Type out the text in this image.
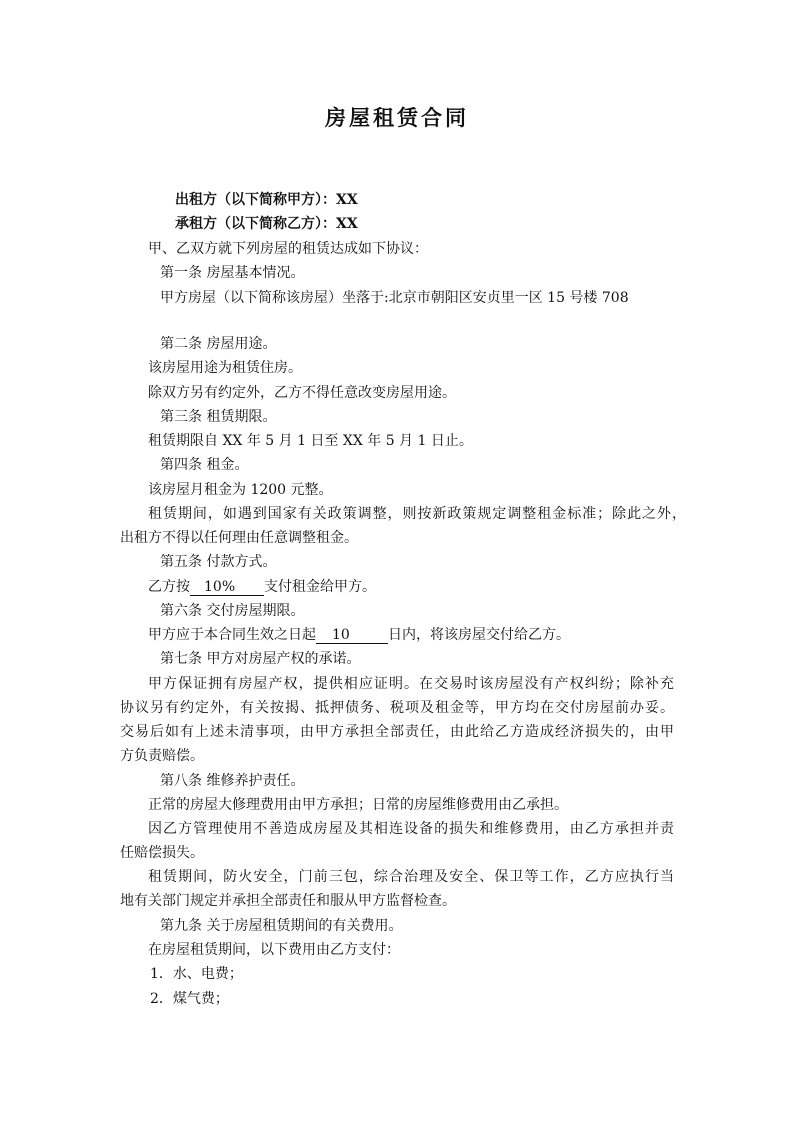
房屋租赁合同

出租方（以下简称甲方）：XX

承租方（以下简称乙方）：XX

甲、乙双方就下列房屋的租赁达成如下协议：

第一条 房屋基本情况。

甲方房屋（以下简称该房屋）坐落于:北京市朝阳区安贞里一区 15 号楼 708

第二条 房屋用途。

该房屋用途为租赁住房。

除双方另有约定外，乙方不得任意改变房屋用途。

第三条 租赁期限。

租赁期限自 XX 年 5 月 1 日至 XX 年 5 月 1 日止。

第四条 租金。

该房屋月租金为 1200 元整。

租赁期间，如遇到国家有关政策调整，则按新政策规定调整租金标准；除此之外，

出租方不得以任何理由任意调整租金。

第五条 付款方式。

乙方按 10% 支付租金给甲方。

第六条 交付房屋期限。

甲方应于本合同生效之日起 10	日内，将该房屋交付给乙方。

第七条 甲方对房屋产权的承诺。

甲方保证拥有房屋产权，提供相应证明。在交易时该房屋没有产权纠纷；除补充

协议另有约定外，有关按揭、抵押债务、税项及租金等，甲方均在交付房屋前办妥。

交易后如有上述未清事项，由甲方承担全部责任，由此给乙方造成经济损失的，由甲

方负责赔偿。

第八条 维修养护责任。

正常的房屋大修理费用由甲方承担；日常的房屋维修费用由乙承担。

因乙方管理使用不善造成房屋及其相连设备的损失和维修费用，由乙方承担并责

任赔偿损失。

租赁期间，防火安全，门前三包，综合治理及安全、保卫等工作，乙方应执行当

地有关部门规定并承担全部责任和服从甲方监督检查。

第九条 关于房屋租赁期间的有关费用。

在房屋租赁期间，以下费用由乙方支付：

1．水、电费；

2．煤气费；
